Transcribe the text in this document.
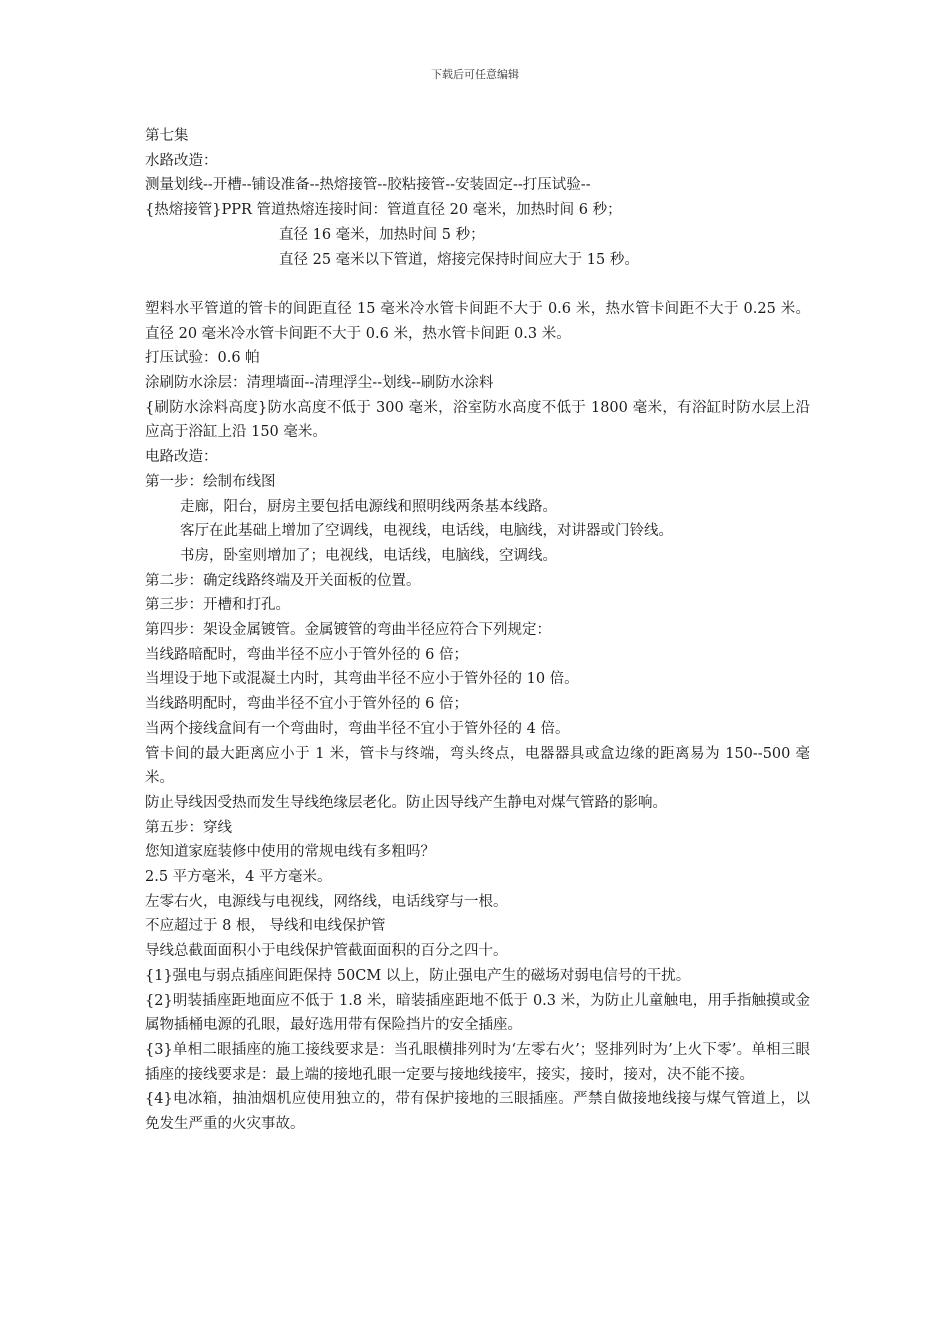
下载后可任意编辑
第七集
水路改造：
测量划线--开槽--铺设准备--热熔接管--胶粘接管--安装固定--打压试验--
{热熔接管}PPR 管道热熔连接时间：管道直径 20 毫米，加热时间 6 秒；
直径 16 毫米，加热时间 5 秒；
直径 25 毫米以下管道，熔接完保持时间应大于 15 秒。
塑料水平管道的管卡的间距直径 15 毫米冷水管卡间距不大于 0.6 米，热水管卡间距不大于 0.25 米。直径 20 毫米冷水管卡间距不大于 0.6 米，热水管卡间距 0.3 米。
打压试验：0.6 帕
涂刷防水涂层：清理墙面--清理浮尘--划线--刷防水涂料
{刷防水涂料高度}防水高度不低于 300 毫米，浴室防水高度不低于 1800 毫米，有浴缸时防水层上沿应高于浴缸上沿 150 毫米。
电路改造：
第一步：绘制布线图
走廊，阳台，厨房主要包括电源线和照明线两条基本线路。
客厅在此基础上增加了空调线，电视线，电话线，电脑线，对讲器或门铃线。
书房，卧室则增加了；电视线，电话线，电脑线，空调线。
第二步：确定线路终端及开关面板的位置。
第三步：开槽和打孔。
第四步：架设金属镀管。金属镀管的弯曲半径应符合下列规定：
当线路暗配时，弯曲半径不应小于管外径的 6 倍；
当埋设于地下或混凝土内时，其弯曲半径不应小于管外径的 10 倍。
当线路明配时，弯曲半径不宜小于管外径的 6 倍；
当两个接线盒间有一个弯曲时，弯曲半径不宜小于管外径的 4 倍。
管卡间的最大距离应小于 1 米，管卡与终端，弯头终点，电器器具或盒边缘的距离易为 150--500 毫米。
防止导线因受热而发生导线绝缘层老化。防止因导线产生静电对煤气管路的影响。
第五步：穿线
您知道家庭装修中使用的常规电线有多粗吗？
2.5 平方毫米，4 平方毫米。
左零右火，电源线与电视线，网络线，电话线穿与一根。
不应超过于 8 根， 导线和电线保护管
导线总截面面积小于电线保护管截面面积的百分之四十。
{1}强电与弱点插座间距保持 50CM 以上，防止强电产生的磁场对弱电信号的干扰。
{2}明装插座距地面应不低于 1.8 米，暗装插座距地不低于 0.3 米，为防止儿童触电，用手指触摸或金属物插桶电源的孔眼，最好选用带有保险挡片的安全插座。
{3}单相二眼插座的施工接线要求是：当孔眼横排列时为‘左零右火’；竖排列时为’上火下零’。单相三眼插座的接线要求是：最上端的接地孔眼一定要与接地线接牢，接实，接时，接对，决不能不接。
{4}电冰箱，抽油烟机应使用独立的，带有保护接地的三眼插座。严禁自做接地线接与煤气管道上，以免发生严重的火灾事故。
